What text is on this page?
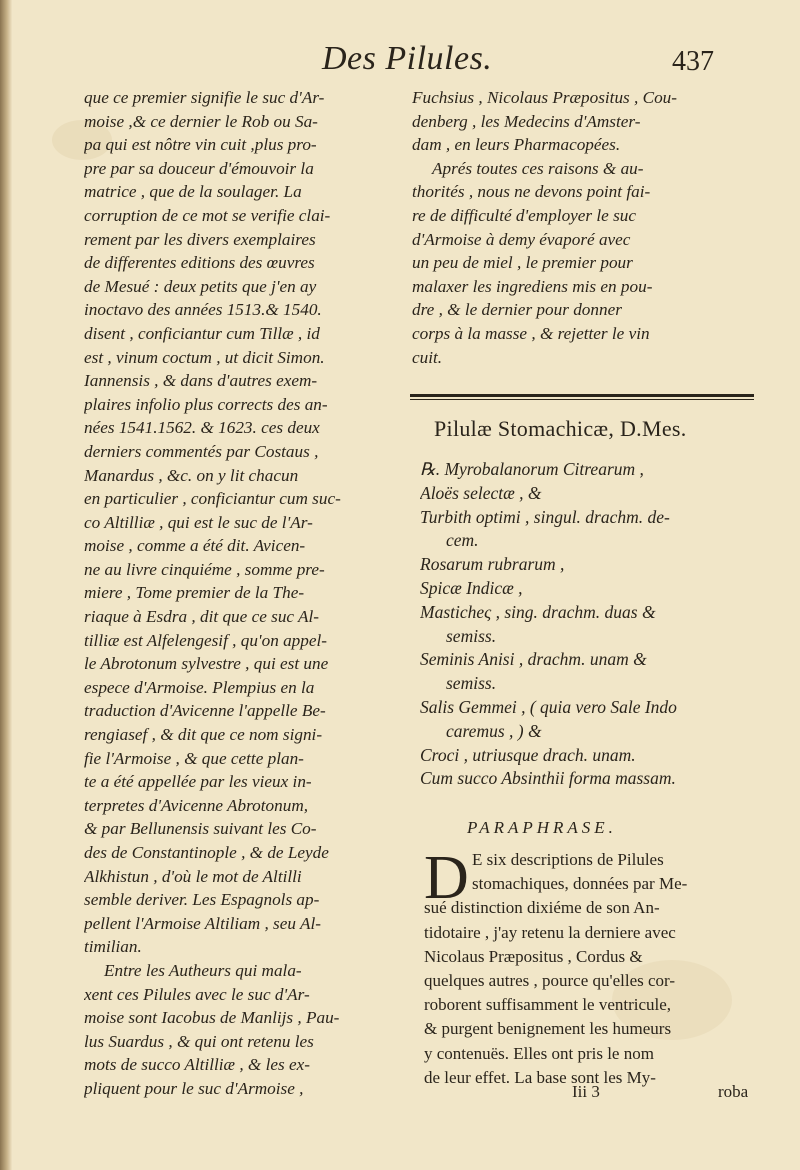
Des Pilules.	437
que ce premier signifie le suc d'Ar-
moise ,& ce dernier le Rob ou Sa-
pa qui est nôtre vin cuit ,plus pro-
pre par sa douceur d'émouvoir la
matrice , que de la soulager. La
corruption de ce mot se verifie clai-
rement par les divers exemplaires
de differentes editions des œuvres
de Mesué : deux petits que j'en ay
inoctavo des années 1513.& 1540.
disent , conficiantur cum Tillæ , id
est , vinum coctum , ut dicit Simon.
Iannensis , & dans d'autres exem-
plaires infolio plus corrects des an-
nées 1541.1562. & 1623. ces deux
derniers commentés par Costaus ,
Manardus , &c. on y lit chacun
en particulier , conficiantur cum suc-
co Altilliæ , qui est le suc de l'Ar-
moise , comme a été dit. Avicen-
ne au livre cinquiéme , somme pre-
miere , Tome premier de la The-
riaque à Esdra , dit que ce suc Al-
tilliæ est Alfelengesif , qu'on appel-
le Abrotonum sylvestre , qui est une
espece d'Armoise. Plempius en la
traduction d'Avicenne l'appelle Be-
rengiasef , & dit que ce nom signi-
fie l'Armoise , & que cette plan-
te a été appellée par les vieux in-
terpretes d'Avicenne Abrotonum,
& par Bellunensis suivant les Co-
des de Constantinople , & de Leyde
Alkhistun , d'où le mot de Altilli
semble deriver. Les Espagnols ap-
pellent l'Armoise Altiliam , seu Al-
timilian.
Entre les Autheurs qui mala-
xent ces Pilules avec le suc d'Ar-
moise sont Iacobus de Manlijs , Pau-
lus Suardus , & qui ont retenu les
mots de succo Altilliæ , & les ex-
pliquent pour le suc d'Armoise ,
Fuchsius , Nicolaus Præpositus , Cou-
denberg , les Medecins d'Amster-
dam , en leurs Pharmacopées.
Aprés toutes ces raisons & au-
thorités , nous ne devons point fai-
re de difficulté d'employer le suc
d'Armoise à demy évaporé avec
un peu de miel , le premier pour
malaxer les ingrediens mis en pou-
dre , & le dernier pour donner
corps à la masse , & rejetter le vin
cuit.
Pilulæ Stomachicæ, D.Mes.
℞. Myrobalanorum Citrearum ,
Aloës selectæ , &
Turbith optimi , singul. drachm. de-
cem.
Rosarum rubrarum ,
Spicæ Indicæ ,
Masticheς , sing. drachm. duas &
semiss.
Seminis Anisi , drachm. unam &
semiss.
Salis Gemmei , ( quia vero Sale Indo
caremus , ) &
Croci , utriusque drach. unam.
Cum succo Absinthii forma massam.
PARAPHRASE.
D E six descriptions de Pilules
stomachiques, données par Me-
sué distinction dixiéme de son An-
tidotaire , j'ay retenu la derniere avec
Nicolaus Præpositus , Cordus &
quelques autres , pource qu'elles cor-
roborent suffisamment le ventricule,
& purgent benignement les humeurs
y contenuës. Elles ont pris le nom
de leur effet. La base sont les My-
Iii 3	roba
